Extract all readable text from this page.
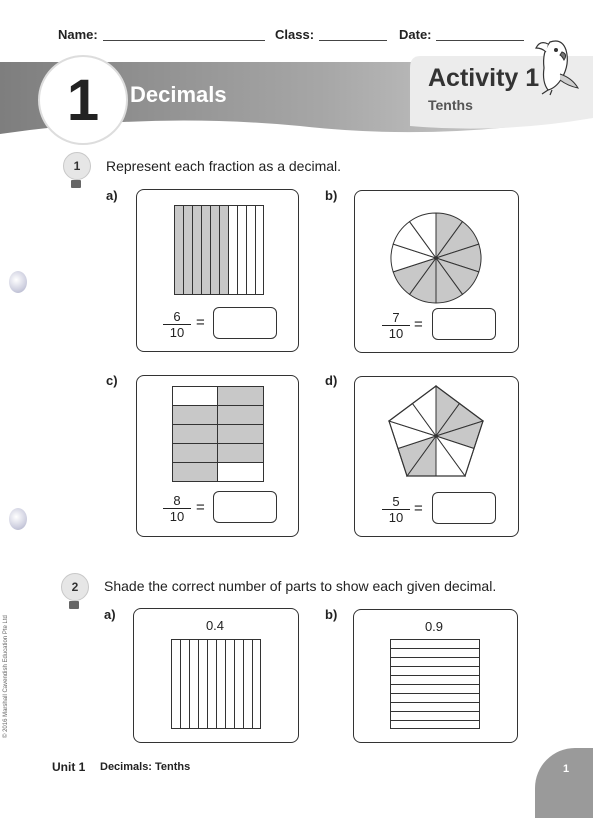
Name:	Class:	Date:
1 Decimals
Activity 1
Tenths
1 Represent each fraction as a decimal.
a)
$\frac{6}{10}$ =
b)
$\frac{7}{10}$ =
c)
$\frac{8}{10}$ =
d)
$\frac{5}{10}$ =
2 Shade the correct number of parts to show each given decimal.
a)
0.4
b)
0.9
© 2016 Marshall Cavendish Education Pte Ltd
Unit 1 Decimals: Tenths	1
